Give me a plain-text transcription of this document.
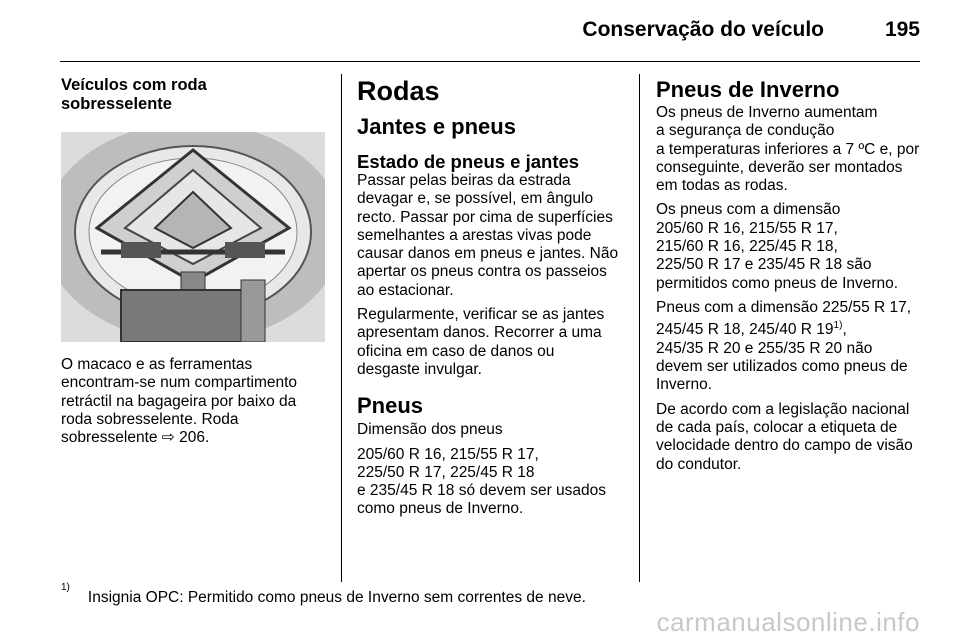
Conservação do veículo	195
Veículos com roda sobresselente

O macaco e as ferramentas
encontram-se num compartimento
retráctil na bagageira por baixo da
roda sobresselente. Roda
sobresselente ⇨ 206.

Rodas
Jantes e pneus
Estado de pneus e jantes

Passar pelas beiras da estrada
devagar e, se possível, em ângulo
recto. Passar por cima de superfícies
semelhantes a arestas vivas pode
causar danos em pneus e jantes. Não
apertar os pneus contra os passeios
ao estacionar.

Regularmente, verificar se as jantes
apresentam danos. Recorrer a uma
oficina em caso de danos ou
desgaste invulgar.

Pneus

Dimensão dos pneus

205/60 R 16, 215/55 R 17,
225/50 R 17, 225/45 R 18
e 235/45 R 18 só devem ser usados
como pneus de Inverno.

Pneus de Inverno

Os pneus de Inverno aumentam
a segurança de condução
a temperaturas inferiores a 7 ºC e, por
conseguinte, deverão ser montados
em todas as rodas.

Os pneus com a dimensão
205/60 R 16, 215/55 R 17,
215/60 R 16, 225/45 R 18,
225/50 R 17 e 235/45 R 18 são
permitidos como pneus de Inverno.

Pneus com a dimensão 225/55 R 17,
245/45 R 18, 245/40 R 19$^{1)}$,
245/35 R 20 e 255/35 R 20 não
devem ser utilizados como pneus de
Inverno.

De acordo com a legislação nacional
de cada país, colocar a etiqueta de
velocidade dentro do campo de visão
do condutor.

$^{1)}$Insignia OPC: Permitido como pneus de Inverno sem correntes de neve.
carmanualsonline.info
